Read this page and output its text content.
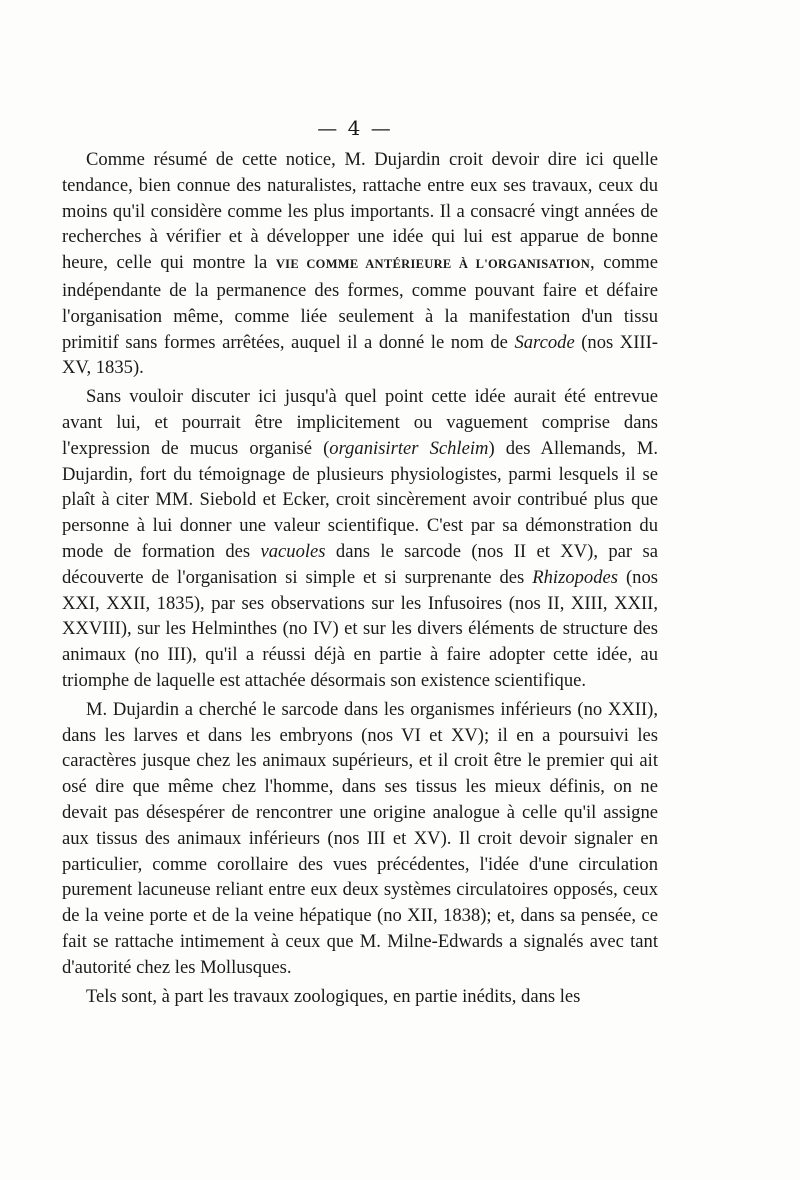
— 4 —

Comme résumé de cette notice, M. Dujardin croit devoir dire ici quelle tendance, bien connue des naturalistes, rattache entre eux ses travaux, ceux du moins qu'il considère comme les plus importants. Il a consacré vingt années de recherches à vérifier et à développer une idée qui lui est apparue de bonne heure, celle qui montre la VIE COMME ANTÉRIEURE À L'ORGANISATION, comme indépendante de la permanence des formes, comme pouvant faire et défaire l'organisation même, comme liée seulement à la manifestation d'un tissu primitif sans formes arrêtées, auquel il a donné le nom de Sarcode (nos XIII-XV, 1835).

Sans vouloir discuter ici jusqu'à quel point cette idée aurait été entrevue avant lui, et pourrait être implicitement ou vaguement comprise dans l'expression de mucus organisé (organisirter Schleim) des Allemands, M. Dujardin, fort du témoignage de plusieurs physiologistes, parmi lesquels il se plaît à citer MM. Siebold et Ecker, croit sincèrement avoir contribué plus que personne à lui donner une valeur scientifique. C'est par sa démonstration du mode de formation des vacuoles dans le sarcode (nos II et XV), par sa découverte de l'organisation si simple et si surprenante des Rhizopodes (nos XXI, XXII, 1835), par ses observations sur les Infusoires (nos II, XIII, XXII, XXVIII), sur les Helminthes (no IV) et sur les divers éléments de structure des animaux (no III), qu'il a réussi déjà en partie à faire adopter cette idée, au triomphe de laquelle est attachée désormais son existence scientifique.

M. Dujardin a cherché le sarcode dans les organismes inférieurs (no XXII), dans les larves et dans les embryons (nos VI et XV); il en a poursuivi les caractères jusque chez les animaux supérieurs, et il croit être le premier qui ait osé dire que même chez l'homme, dans ses tissus les mieux définis, on ne devait pas désespérer de rencontrer une origine analogue à celle qu'il assigne aux tissus des animaux inférieurs (nos III et XV). Il croit devoir signaler en particulier, comme corollaire des vues précédentes, l'idée d'une circulation purement lacuneuse reliant entre eux deux systèmes circulatoires opposés, ceux de la veine porte et de la veine hépatique (no XII, 1838); et, dans sa pensée, ce fait se rattache intimement à ceux que M. Milne-Edwards a signalés avec tant d'autorité chez les Mollusques.

Tels sont, à part les travaux zoologiques, en partie inédits, dans les
